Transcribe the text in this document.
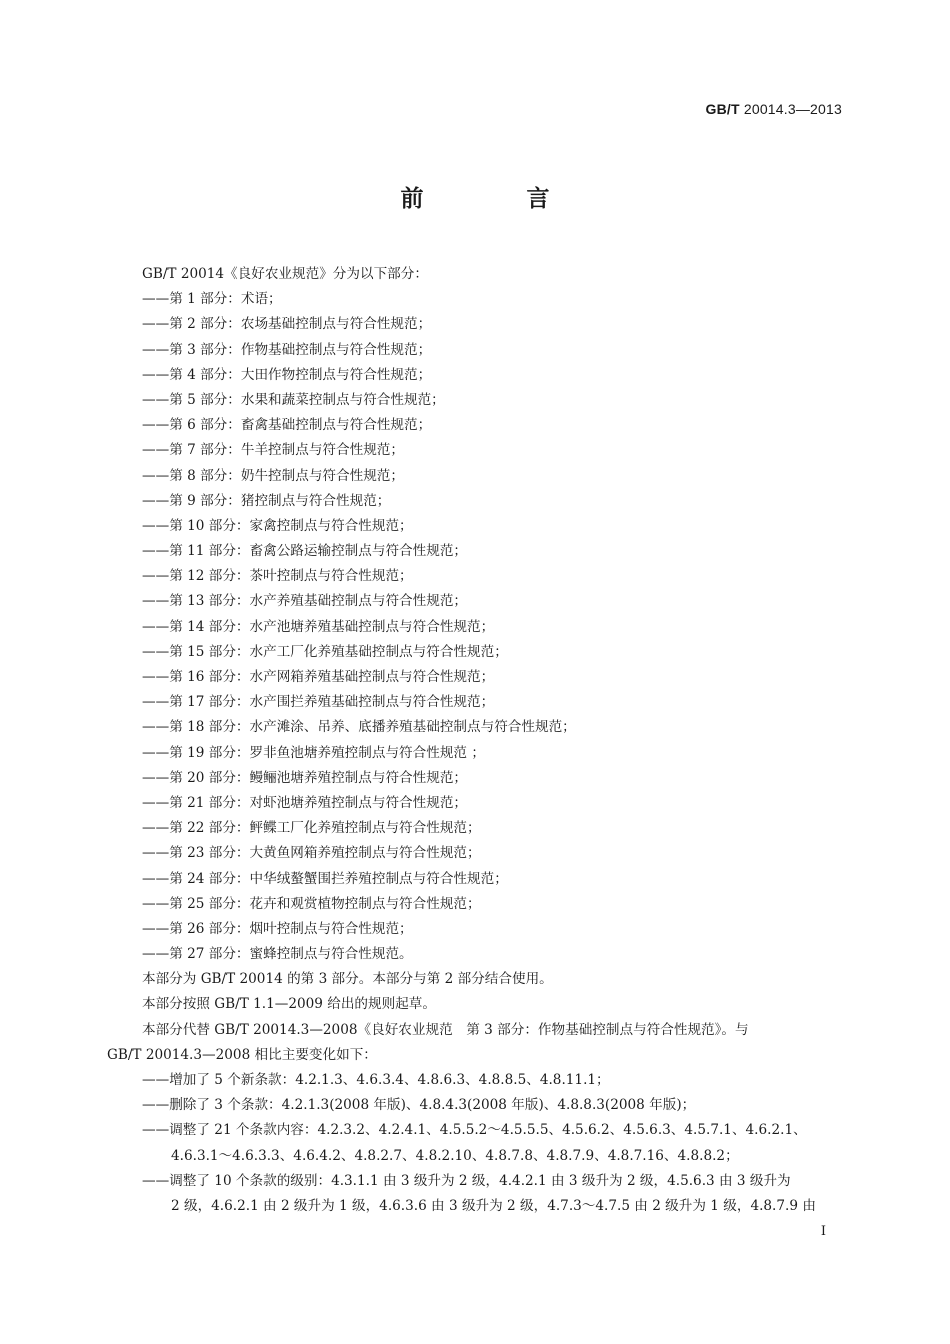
GB/T 20014.3—2013
前　言
GB/T 20014《良好农业规范》分为以下部分：
——第 1 部分：术语；
——第 2 部分：农场基础控制点与符合性规范；
——第 3 部分：作物基础控制点与符合性规范；
——第 4 部分：大田作物控制点与符合性规范；
——第 5 部分：水果和蔬菜控制点与符合性规范；
——第 6 部分：畜禽基础控制点与符合性规范；
——第 7 部分：牛羊控制点与符合性规范；
——第 8 部分：奶牛控制点与符合性规范；
——第 9 部分：猪控制点与符合性规范；
——第 10 部分：家禽控制点与符合性规范；
——第 11 部分：畜禽公路运输控制点与符合性规范；
——第 12 部分：茶叶控制点与符合性规范；
——第 13 部分：水产养殖基础控制点与符合性规范；
——第 14 部分：水产池塘养殖基础控制点与符合性规范；
——第 15 部分：水产工厂化养殖基础控制点与符合性规范；
——第 16 部分：水产网箱养殖基础控制点与符合性规范；
——第 17 部分：水产围拦养殖基础控制点与符合性规范；
——第 18 部分：水产滩涂、吊养、底播养殖基础控制点与符合性规范；
——第 19 部分：罗非鱼池塘养殖控制点与符合性规范 ；
——第 20 部分：鳗鲡池塘养殖控制点与符合性规范；
——第 21 部分：对虾池塘养殖控制点与符合性规范；
——第 22 部分：鲆鲽工厂化养殖控制点与符合性规范；
——第 23 部分：大黄鱼网箱养殖控制点与符合性规范；
——第 24 部分：中华绒螯蟹围拦养殖控制点与符合性规范；
——第 25 部分：花卉和观赏植物控制点与符合性规范；
——第 26 部分：烟叶控制点与符合性规范；
——第 27 部分：蜜蜂控制点与符合性规范。
本部分为 GB/T 20014 的第 3 部分。本部分与第 2 部分结合使用。
本部分按照 GB/T 1.1—2009 给出的规则起草。
本部分代替 GB/T 20014.3—2008《良好农业规范　第 3 部分：作物基础控制点与符合性规范》。与
GB/T 20014.3—2008 相比主要变化如下：
——增加了 5 个新条款：4.2.1.3、4.6.3.4、4.8.6.3、4.8.8.5、4.8.11.1；
——删除了 3 个条款：4.2.1.3(2008 年版)、4.8.4.3(2008 年版)、4.8.8.3(2008 年版)；
——调整了 21 个条款内容：4.2.3.2、4.2.4.1、4.5.5.2～4.5.5.5、4.5.6.2、4.5.6.3、4.5.7.1、4.6.2.1、
4.6.3.1～4.6.3.3、4.6.4.2、4.8.2.7、4.8.2.10、4.8.7.8、4.8.7.9、4.8.7.16、4.8.8.2；
——调整了 10 个条款的级别：4.3.1.1 由 3 级升为 2 级，4.4.2.1 由 3 级升为 2 级，4.5.6.3 由 3 级升为
2 级，4.6.2.1 由 2 级升为 1 级，4.6.3.6 由 3 级升为 2 级，4.7.3～4.7.5 由 2 级升为 1 级，4.8.7.9 由
I
